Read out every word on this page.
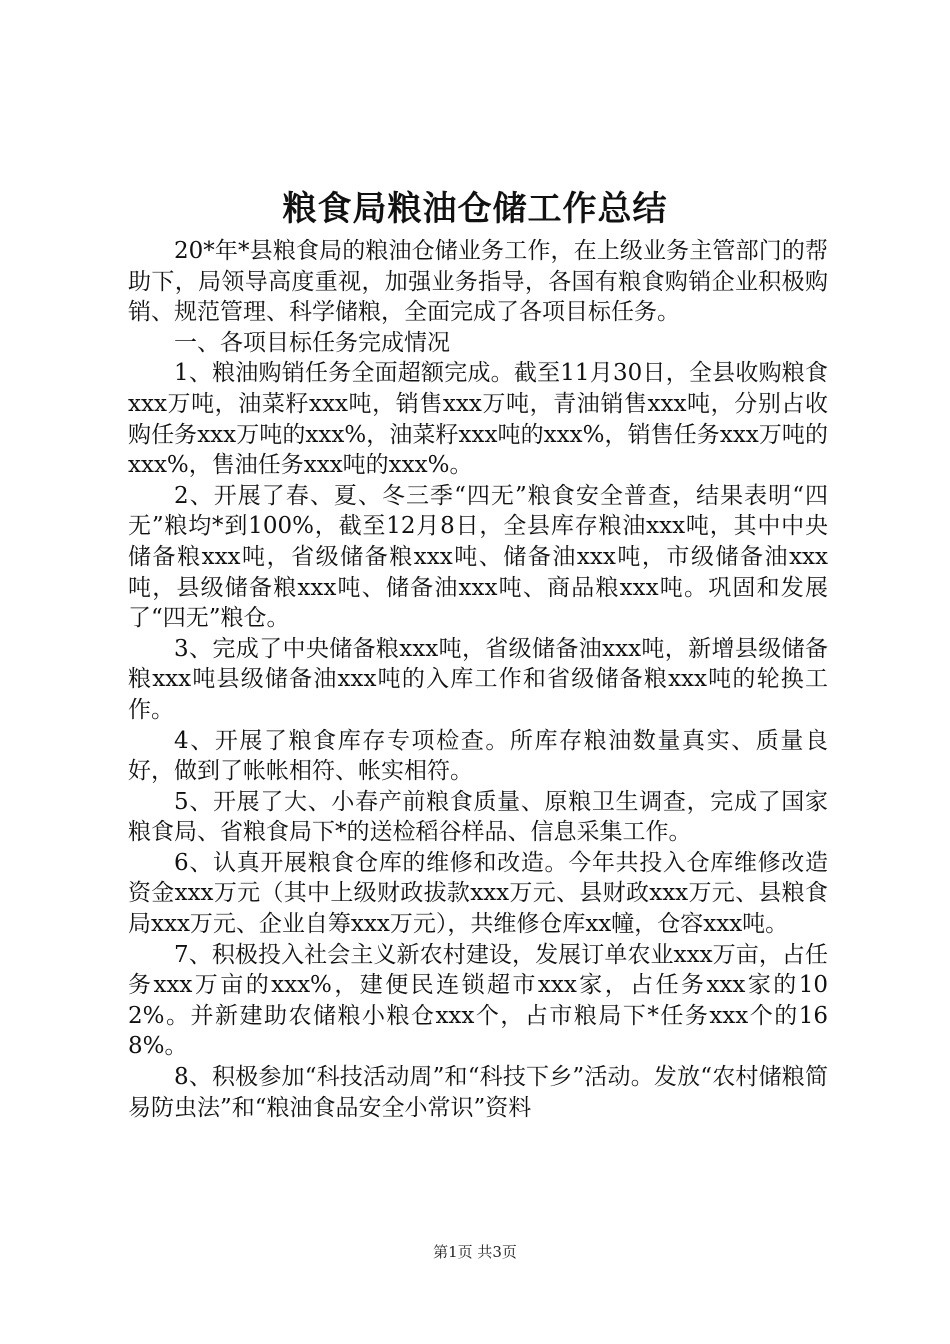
粮食局粮油仓储工作总结

20*年*县粮食局的粮油仓储业务工作，在上级业务主管部门的帮助下，局领导高度重视，加强业务指导，各国有粮食购销企业积极购销、规范管理、科学储粮，全面完成了各项目标任务。

一、各项目标任务完成情况

1、粮油购销任务全面超额完成。截至11月30日，全县收购粮食xxx万吨，油菜籽xxx吨，销售xxx万吨，青油销售xxx吨，分别占收购任务xxx万吨的xxx%，油菜籽xxx吨的xxx%，销售任务xxx万吨的xxx%，售油任务xxx吨的xxx%。

2、开展了春、夏、冬三季“四无”粮食安全普查，结果表明“四无”粮均*到100%，截至12月8日，全县库存粮油xxx吨，其中中央储备粮xxx吨，省级储备粮xxx吨、储备油xxx吨，市级储备油xxx吨，县级储备粮xxx吨、储备油xxx吨、商品粮xxx吨。巩固和发展了“四无”粮仓。

3、完成了中央储备粮xxx吨，省级储备油xxx吨，新增县级储备粮xxx吨县级储备油xxx吨的入库工作和省级储备粮xxx吨的轮换工作。

4、开展了粮食库存专项检查。所库存粮油数量真实、质量良好，做到了帐帐相符、帐实相符。

5、开展了大、小春产前粮食质量、原粮卫生调查，完成了国家粮食局、省粮食局下*的送检稻谷样品、信息采集工作。

6、认真开展粮食仓库的维修和改造。今年共投入仓库维修改造资金xxx万元（其中上级财政拔款xxx万元、县财政xxx万元、县粮食局xxx万元、企业自筹xxx万元），共维修仓库xx幢，仓容xxx吨。

7、积极投入社会主义新农村建设，发展订单农业xxx万亩，占任务xxx万亩的xxx%，建便民连锁超市xxx家，占任务xxx家的102%。并新建助农储粮小粮仓xxx个，占市粮局下*任务xxx个的168%。

8、积极参加“科技活动周”和“科技下乡”活动。发放“农村储粮简易防虫法”和“粮油食品安全小常识”资料

第1页 共3页
